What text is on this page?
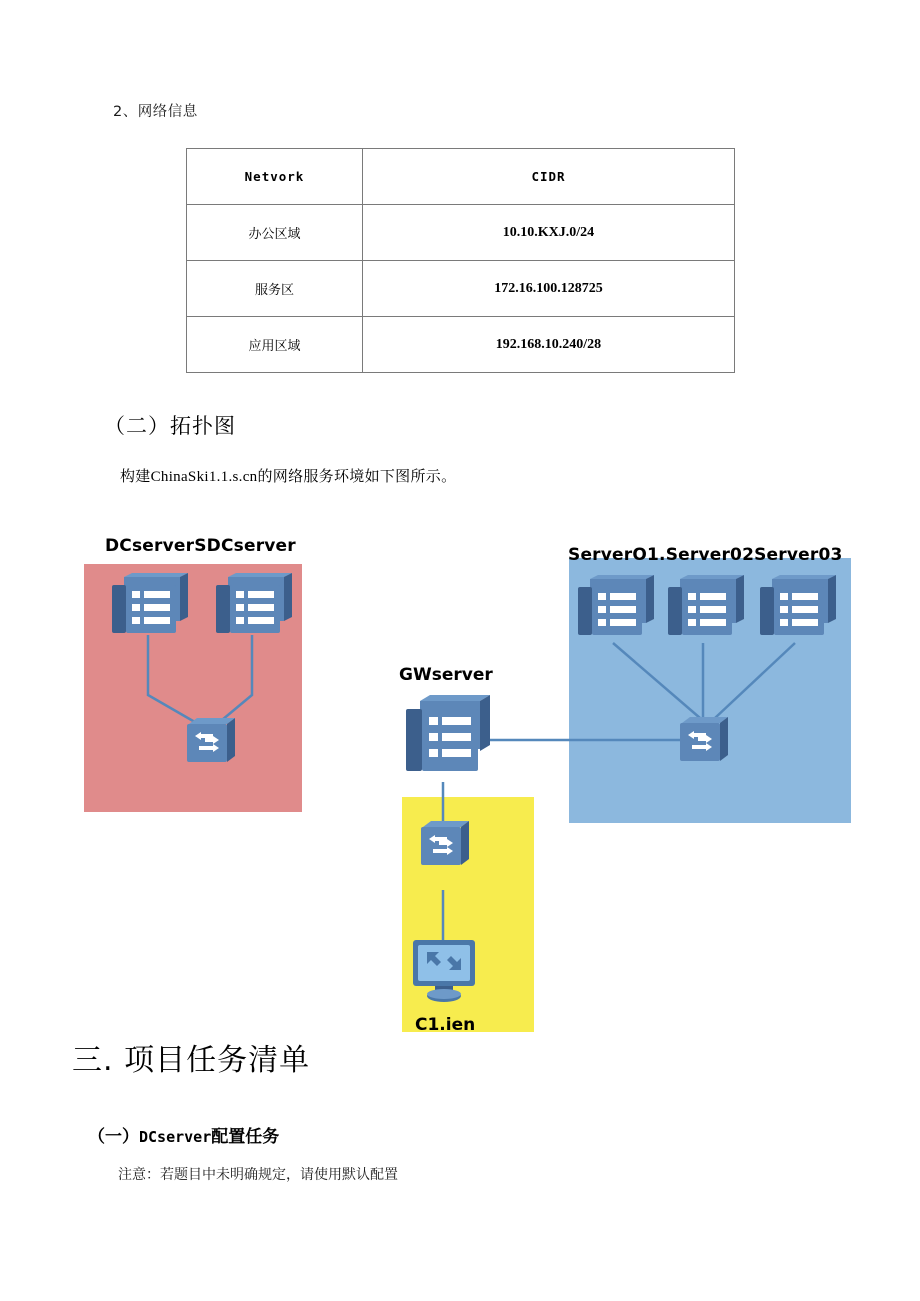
2、网络信息
Netvork	CIDR
办公区域	10.10.KXJ.0/24
服务区	172.16.100.128725
应用区域	192.168.10.240/28
（二）拓扑图
构建ChinaSki1.1.s.cn的网络服务环境如下图所示。
DCserverSDCserver	ServerO1.Server02Server03
GWserver
C1.ien
三. 项目任务清单
（一）DCserver配置任务
注意：若题目中未明确规定，请使用默认配置
